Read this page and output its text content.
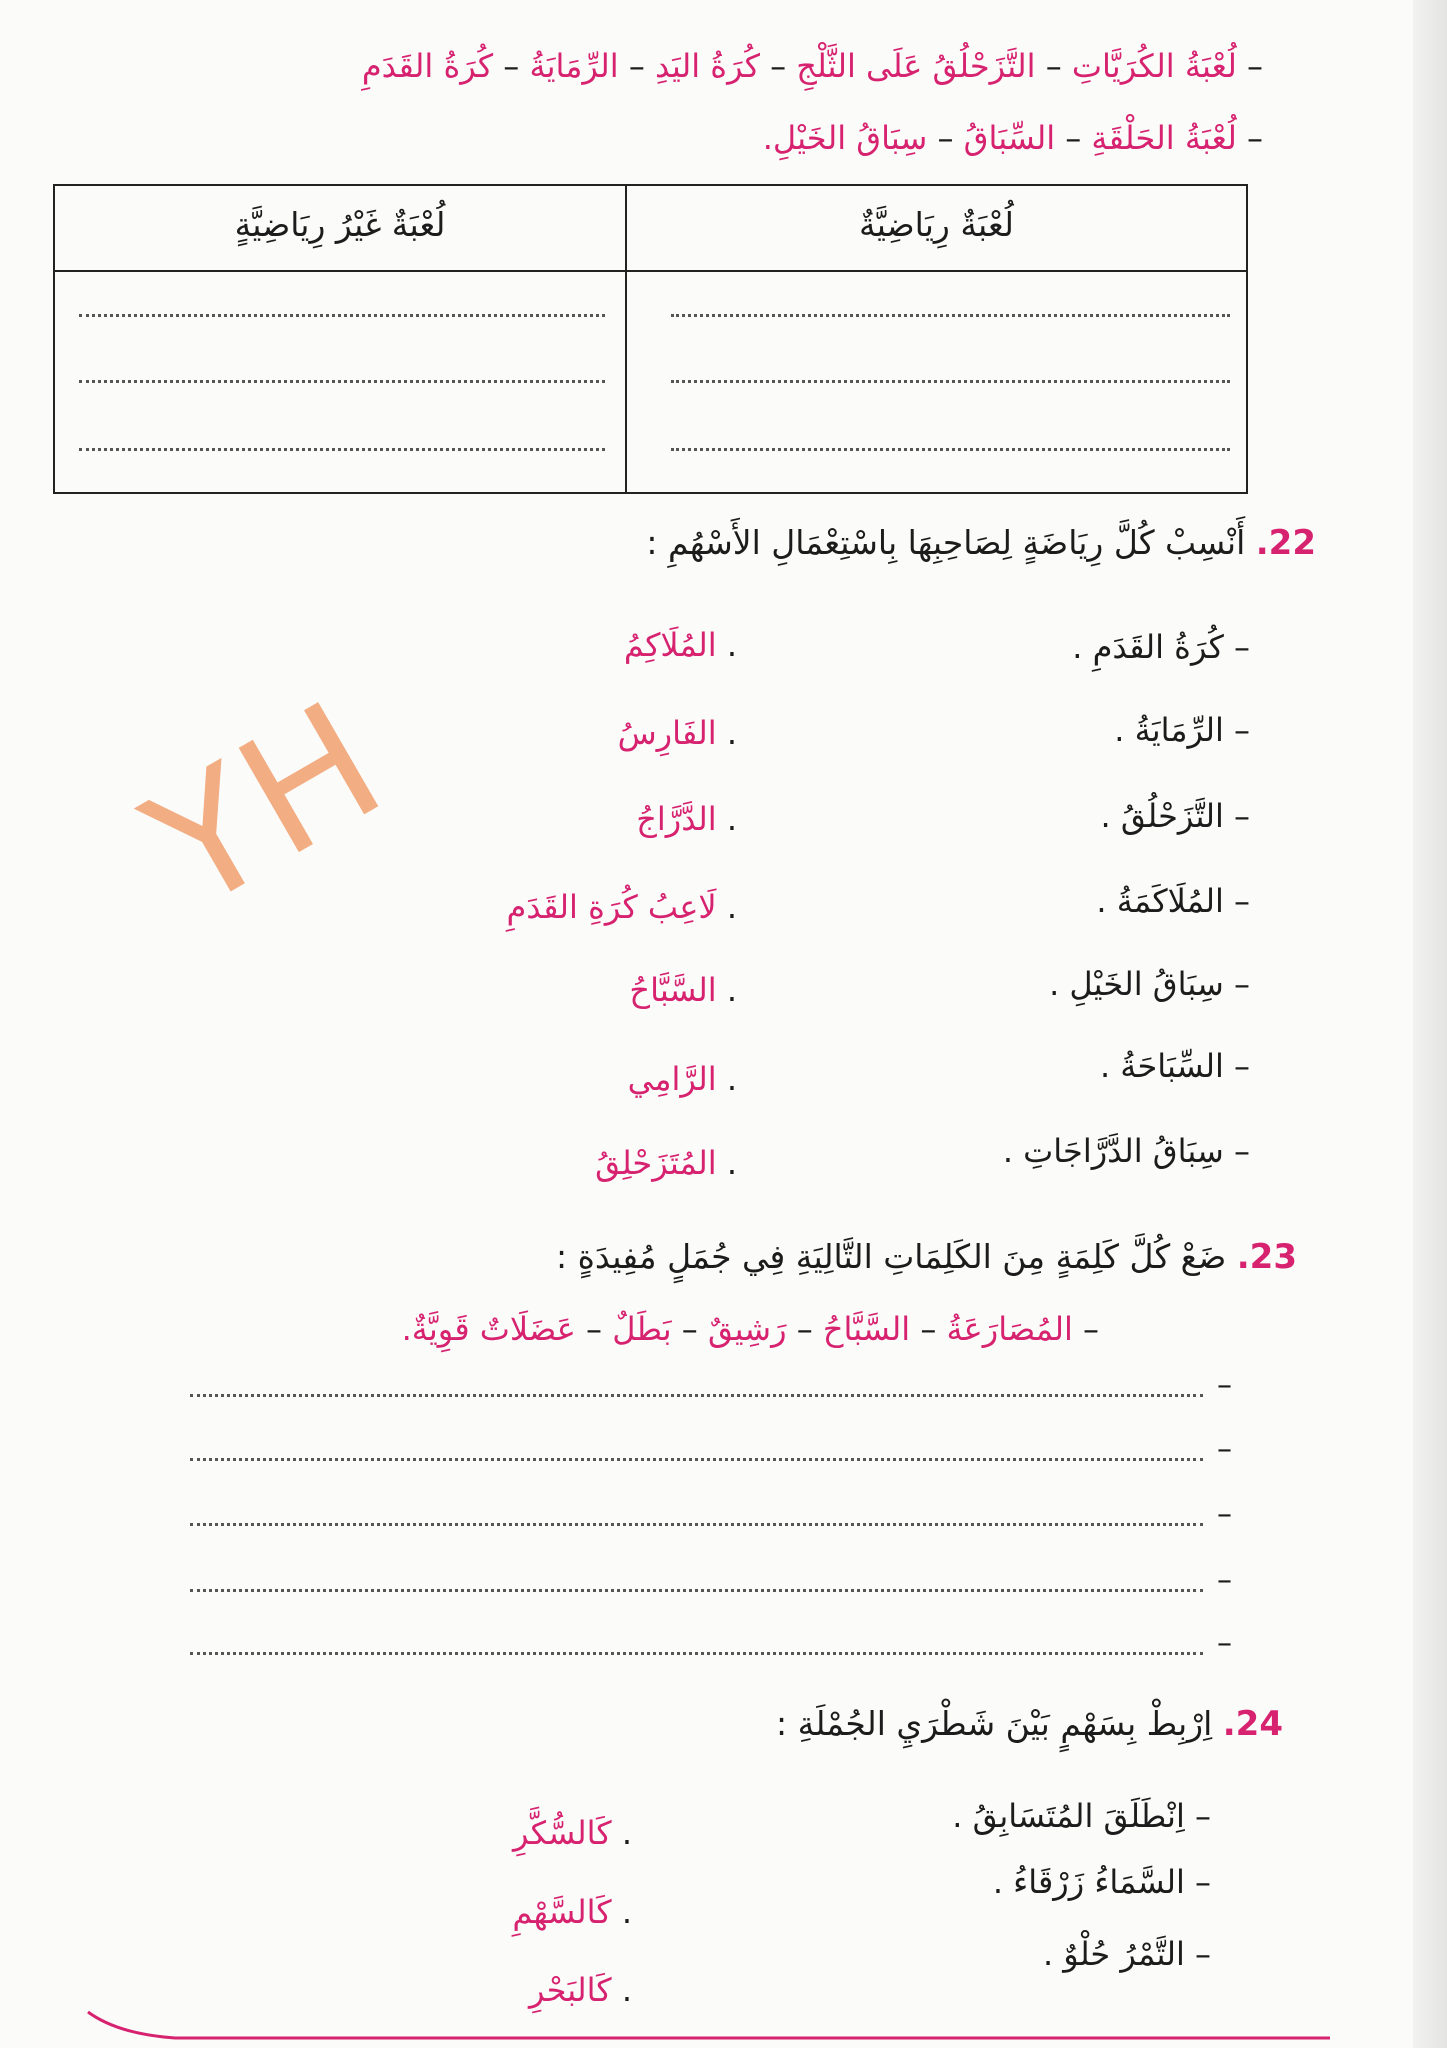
– لُعْبَةُ الكُرَيَّاتِ – التَّزَحْلُقُ عَلَى الثَّلْجِ – كُرَةُ اليَدِ – الرِّمَايَةُ – كُرَةُ القَدَمِ
– لُعْبَةُ الحَلْقَةِ – السِّبَاقُ – سِبَاقُ الخَيْلِ.
لُعْبَةٌ رِيَاضِيَّةٌ
لُعْبَةٌ غَيْرُ رِيَاضِيَّةٍ
22. أَنْسِبْ كُلَّ رِيَاضَةٍ لِصَاحِبِهَا بِاسْتِعْمَالِ الأَسْهُمِ :
– كُرَةُ القَدَمِ .
– الرِّمَايَةُ .
– التَّزَحْلُقُ .
– المُلَاكَمَةُ .
– سِبَاقُ الخَيْلِ .
– السِّبَاحَةُ .
– سِبَاقُ الدَّرَّاجَاتِ .
. المُلَاكِمُ
. الفَارِسُ
. الدَّرَّاجُ
. لَاعِبُ كُرَةِ القَدَمِ
. السَّبَّاحُ
. الرَّامِي
. المُتَزَحْلِقُ
YH
23. ضَعْ كُلَّ كَلِمَةٍ مِنَ الكَلِمَاتِ التَّالِيَةِ فِي جُمَلٍ مُفِيدَةٍ :
– المُصَارَعَةُ – السَّبَّاحُ – رَشِيقٌ – بَطَلٌ – عَضَلَاتٌ قَوِيَّةٌ.
–
–
–
–
–
24. اِرْبِطْ بِسَهْمٍ بَيْنَ شَطْرَيِ الجُمْلَةِ :
– اِنْطَلَقَ المُتَسَابِقُ .
– السَّمَاءُ زَرْقَاءُ .
– التَّمْرُ حُلْوٌ .
. كَالسُّكَّرِ
. كَالسَّهْمِ
. كَالبَحْرِ
